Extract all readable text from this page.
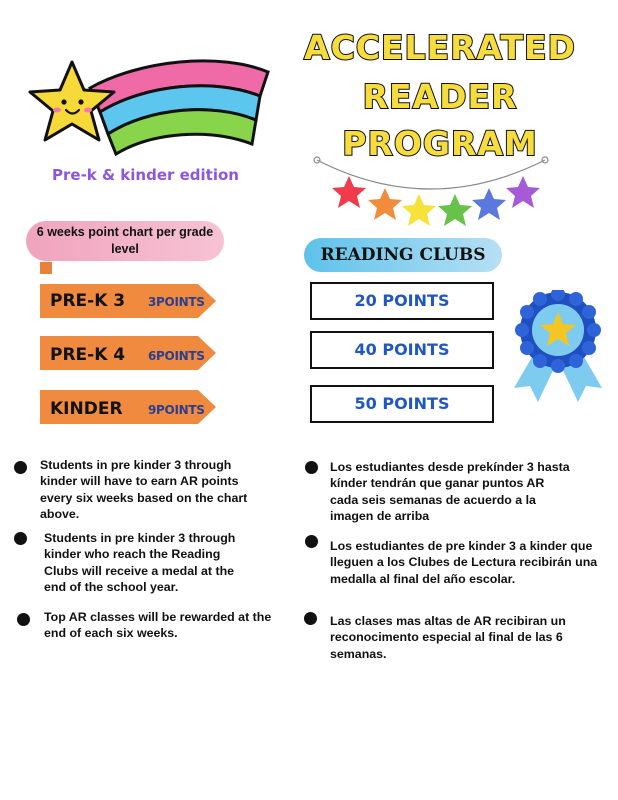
ACCELERATED
READER
PROGRAM
Pre-k & kinder edition
6 weeks point chart per grade level
PRE-K 3 3POINTS
PRE-K 4 6POINTS
KINDER 9POINTS
READING CLUBS
20 POINTS
40 POINTS
50 POINTS
Students in pre kinder 3 through kinder will have to earn AR points every six weeks based on the chart above.
Students in pre kinder 3 through kinder who reach the Reading Clubs will receive a medal at the end of the school year.
Top AR classes will be rewarded at the end of each six weeks.
Los estudiantes desde prekínder 3 hasta kínder tendrán que ganar puntos AR cada seis semanas de acuerdo a la imagen de arriba
Los estudiantes de pre kinder 3 a kinder que lleguen a los Clubes de Lectura recibirán una medalla al final del año escolar.
Las clases mas altas de AR recibiran un reconocimento especial al final de las 6 semanas.
